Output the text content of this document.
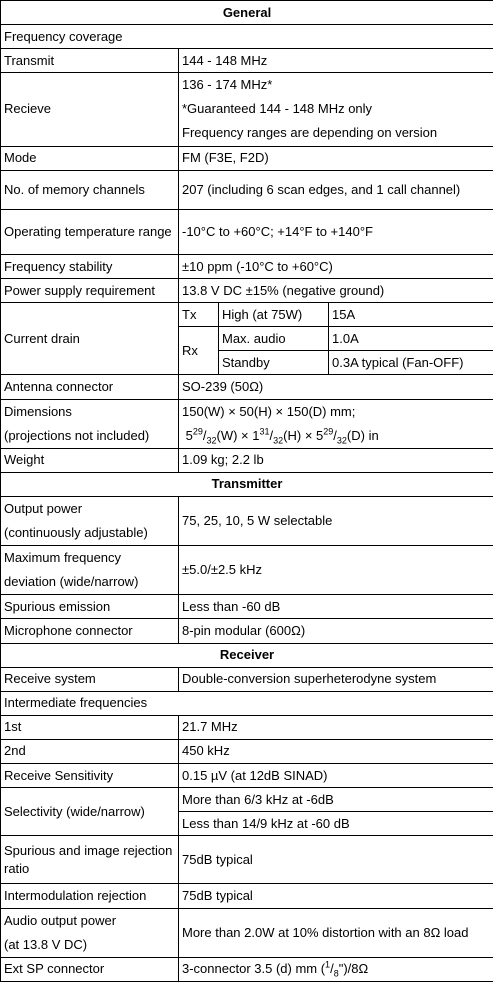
General			
Frequency coverage			
Transmit	144 - 148 MHz		
Recieve	136 - 174 MHz*
*Guaranteed 144 - 148 MHz only
Frequency ranges are depending on version		

Mode	FM (F3E, F2D)		
No. of memory channels	207 (including 6 scan edges, and 1 call channel)		
Operating temperature range	-10°C to +60°C; +14°F to +140°F		
Frequency stability	±10 ppm (-10°C to +60°C)		
Power supply requirement	13.8 V DC ±15% (negative ground)		
Current drain	Tx	High (at 75W)	15A
	Rx	Max. audio	1.0A
		Standby	0.3A typical (Fan-OFF)
Antenna connector	SO-239 (50Ω)		

Dimensions
(projections not included)	150(W) × 50(H) × 150(D) mm;
$5^{29}/_{32}(W) \times 1^{31}/_{32}(H) \times 5^{29}/_{32}(D)$ in		

Weight	1.09 kg; 2.2 lb		
Transmitter			

Output power
(continuously adjustable)	75, 25, 10, 5 W selectable		

Maximum frequency
deviation (wide/narrow)	±5.0/±2.5 kHz		
Spurious emission	Less than -60 dB		
Microphone connector	8-pin modular (600Ω)		
Receiver			
Receive system	Double-conversion superheterodyne system		
Intermediate frequencies			
1st	21.7 MHz		
2nd	450 kHz		
Receive Sensitivity	0.15 µV (at 12dB SINAD)		
Selectivity (wide/narrow)	More than 6/3 kHz at -6dB		
	Less than 14/9 kHz at -60 dB		
Spurious and image rejection ratio	75dB typical		
Intermodulation rejection	75dB typical		

Audio output power
(at 13.8 V DC)	More than 2.0W at 10% distortion with an 8Ω load		
Ext SP connector	3-connector 3.5 (d) mm $(^1/_8")/8\Omega$		
